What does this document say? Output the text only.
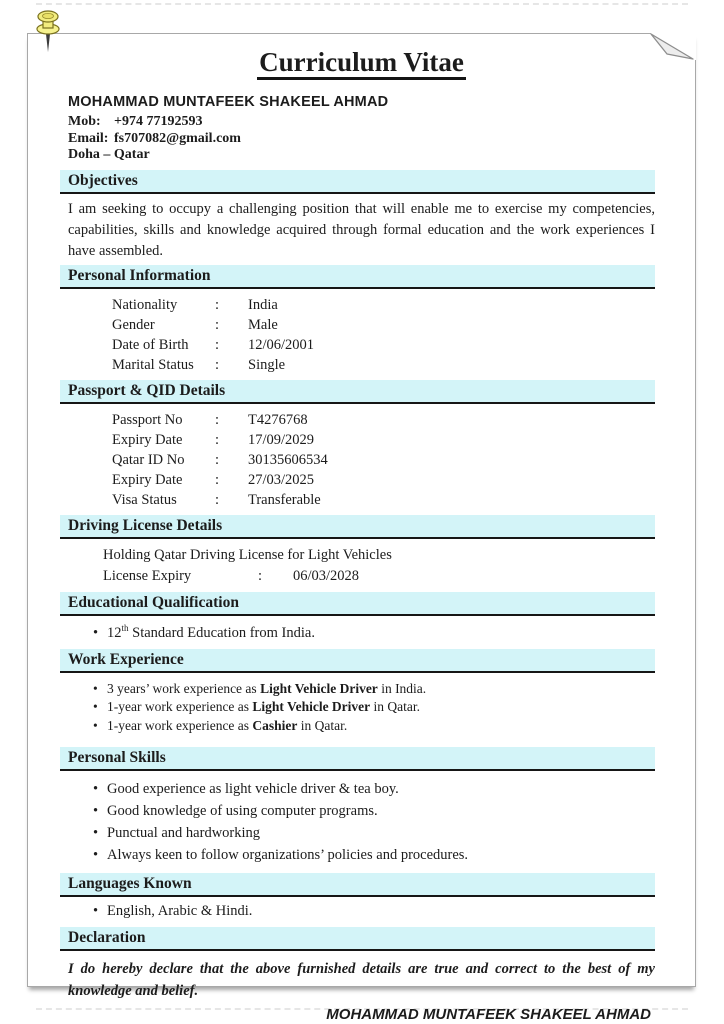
Curriculum Vitae
MOHAMMAD MUNTAFEEK SHAKEEL AHMAD
Mob: +974 77192593
Email: fs707082@gmail.com
Doha – Qatar
Objectives
I am seeking to occupy a challenging position that will enable me to exercise my competencies, capabilities, skills and knowledge acquired through formal education and the work experiences I have assembled.
Personal Information
Nationality	:	India
Gender	:	Male
Date of Birth	:	12/06/2001
Marital Status	:	Single
Passport & QID Details
Passport No	:	T4276768
Expiry Date	:	17/09/2029
Qatar ID No	:	30135606534
Expiry Date	:	27/03/2025
Visa Status	:	Transferable
Driving License Details
Holding Qatar Driving License for Light Vehicles
License Expiry	:	06/03/2028
Educational Qualification
• 12th Standard Education from India.
Work Experience
• 3 years’ work experience as Light Vehicle Driver in India.
• 1-year work experience as Light Vehicle Driver in Qatar.
• 1-year work experience as Cashier in Qatar.
Personal Skills
• Good experience as light vehicle driver & tea boy.
• Good knowledge of using computer programs.
• Punctual and hardworking
• Always keen to follow organizations’ policies and procedures.
Languages Known
• English, Arabic & Hindi.
Declaration
I do hereby declare that the above furnished details are true and correct to the best of my knowledge and belief.
MOHAMMAD MUNTAFEEK SHAKEEL AHMAD
